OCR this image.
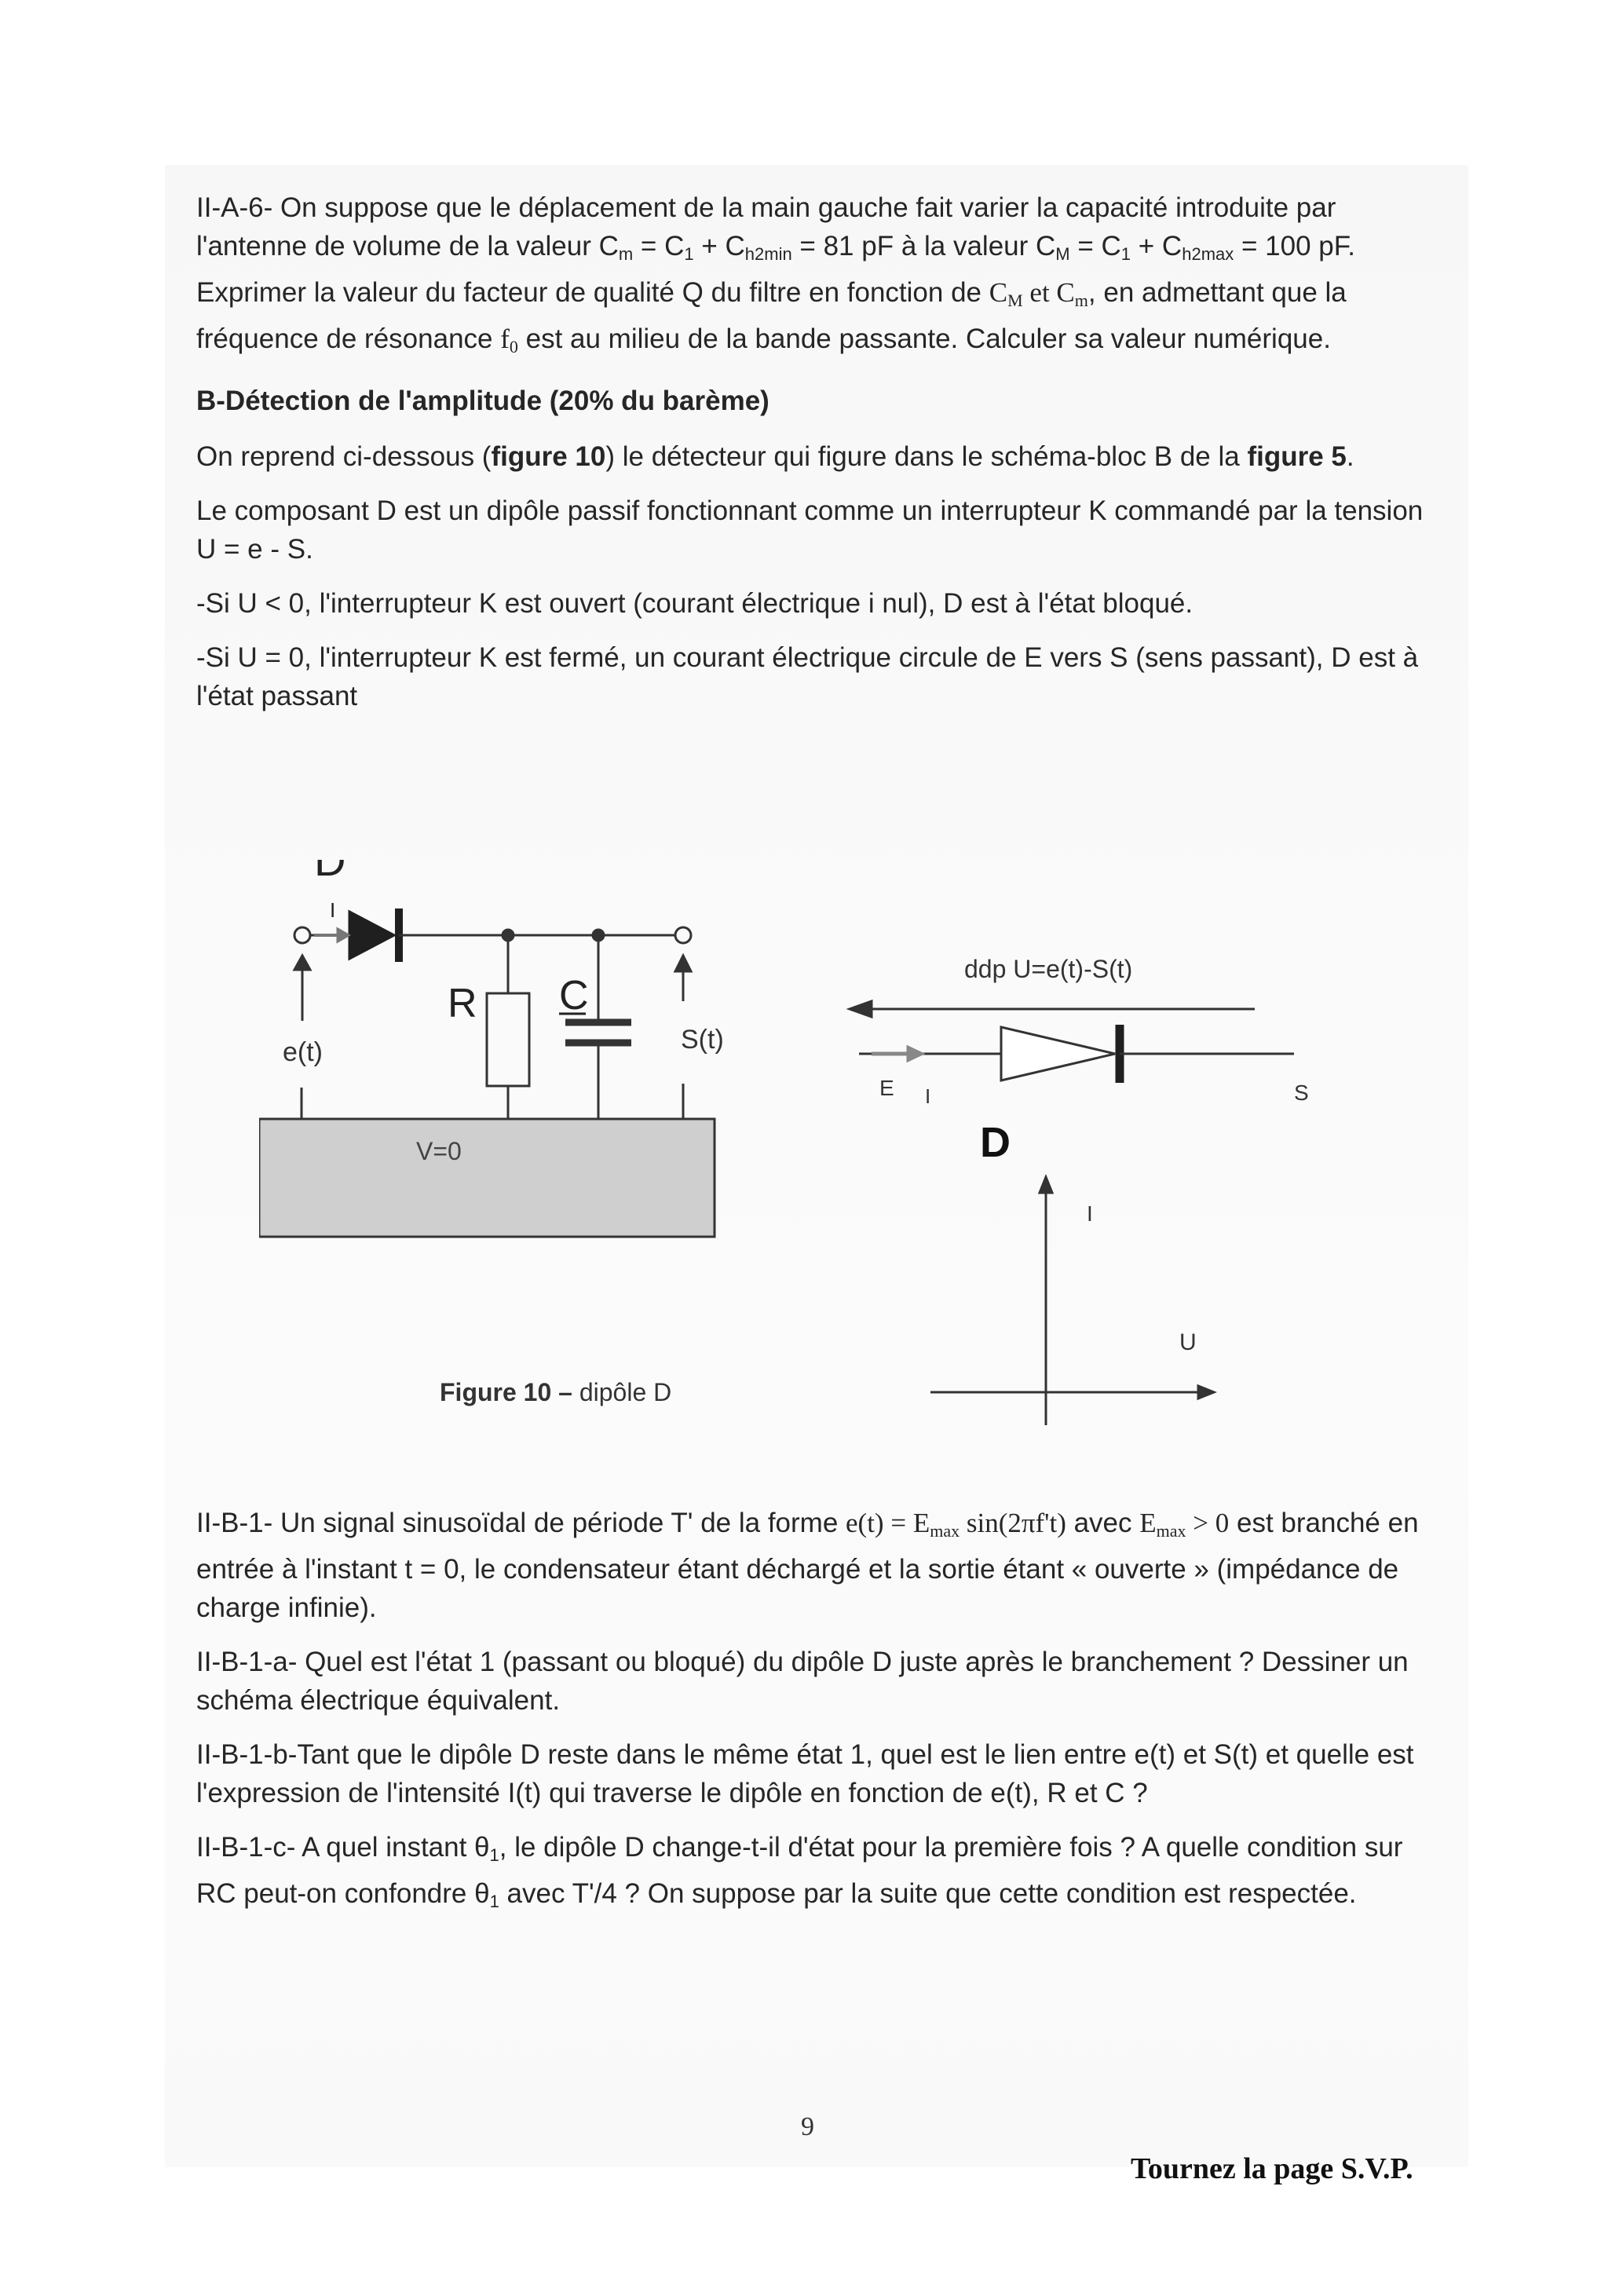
II-A-6- On suppose que le déplacement de la main gauche fait varier la capacité introduite par l'antenne de volume de la valeur $C_m = C_1 + C_{h2min} = 81$ pF à la valeur $C_M = C_1 + C_{h2max} = 100$ pF. Exprimer la valeur du facteur de qualité Q du filtre en fonction de $C_M$ et $C_m$, en admettant que la fréquence de résonance $f_0$ est au milieu de la bande passante. Calculer sa valeur numérique.

B-Détection de l'amplitude (20% du barème)

On reprend ci-dessous (figure 10) le détecteur qui figure dans le schéma-bloc B de la figure 5.

Le composant D est un dipôle passif fonctionnant comme un interrupteur K commandé par la tension U = e - S.

-Si U < 0, l'interrupteur K est ouvert (courant électrique i nul), D est à l'état bloqué.

-Si U = 0, l'interrupteur K est fermé, un courant électrique circule de E vers S (sens passant), D est à l'état passant

D
I
R C
e(t)	S(t)
V=0
ddp U=e(t)-S(t)
E I	S
D
I
U
Figure 10 – dipôle D

II-B-1- Un signal sinusoïdal de période T' de la forme $e(t) = E_{max}$ sin(2πf't) avec $E_{max} > 0$ est branché en entrée à l'instant t = 0, le condensateur étant déchargé et la sortie étant « ouverte » (impédance de charge infinie).

II-B-1-a- Quel est l'état 1 (passant ou bloqué) du dipôle D juste après le branchement ? Dessiner un schéma électrique équivalent.

II-B-1-b-Tant que le dipôle D reste dans le même état 1, quel est le lien entre e(t) et S(t) et quelle est l'expression de l'intensité I(t) qui traverse le dipôle en fonction de e(t), R et C ?

II-B-1-c- A quel instant $\theta_1$, le dipôle D change-t-il d'état pour la première fois ? A quelle condition sur RC peut-on confondre $\theta_1$ avec T'/4 ? On suppose par la suite que cette condition est respectée.

9
Tournez la page S.V.P.
